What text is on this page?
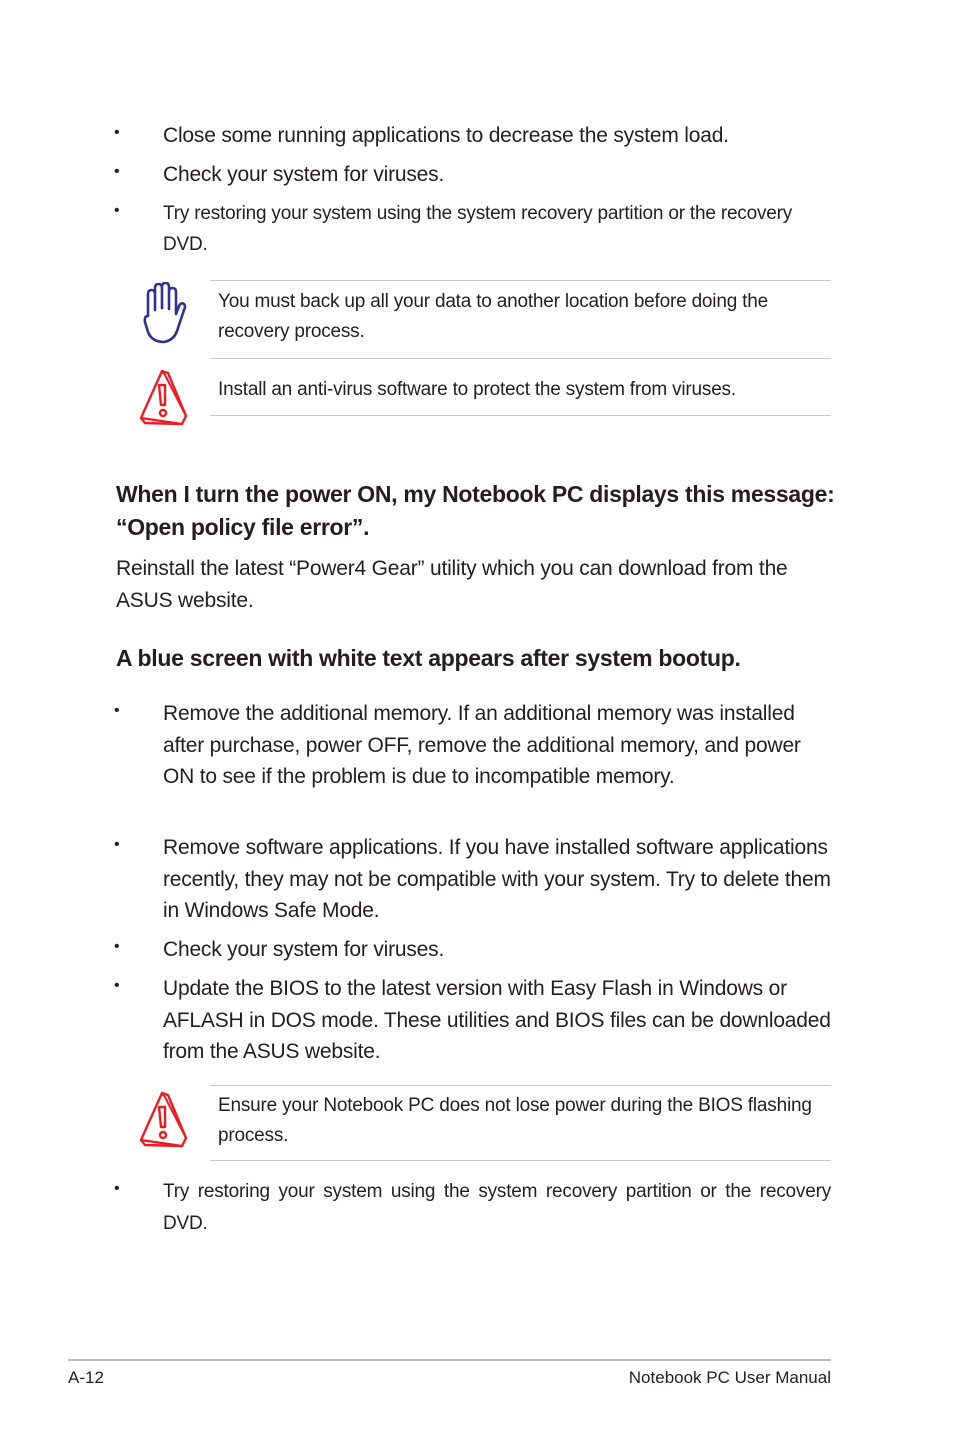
• Close some running applications to decrease the system load.
• Check your system for viruses.
• Try restoring your system using the system recovery partition or the recovery DVD.
You must back up all your data to another location before doing the recovery process.
Install an anti-virus software to protect the system from viruses.
When I turn the power ON, my Notebook PC displays this message: “Open policy file error”.
Reinstall the latest “Power4 Gear” utility which you can download from the ASUS website.
A blue screen with white text appears after system bootup.
• Remove the additional memory. If an additional memory was installed after purchase, power OFF, remove the additional memory, and power ON to see if the problem is due to incompatible memory.
• Remove software applications. If you have installed software applications recently, they may not be compatible with your system. Try to delete them in Windows Safe Mode.
• Check your system for viruses.
• Update the BIOS to the latest version with Easy Flash in Windows or AFLASH in DOS mode. These utilities and BIOS files can be downloaded from the ASUS website.
Ensure your Notebook PC does not lose power during the BIOS flashing process.
• Try restoring your system using the system recovery partition or the recovery DVD.
A-12	Notebook PC User Manual
